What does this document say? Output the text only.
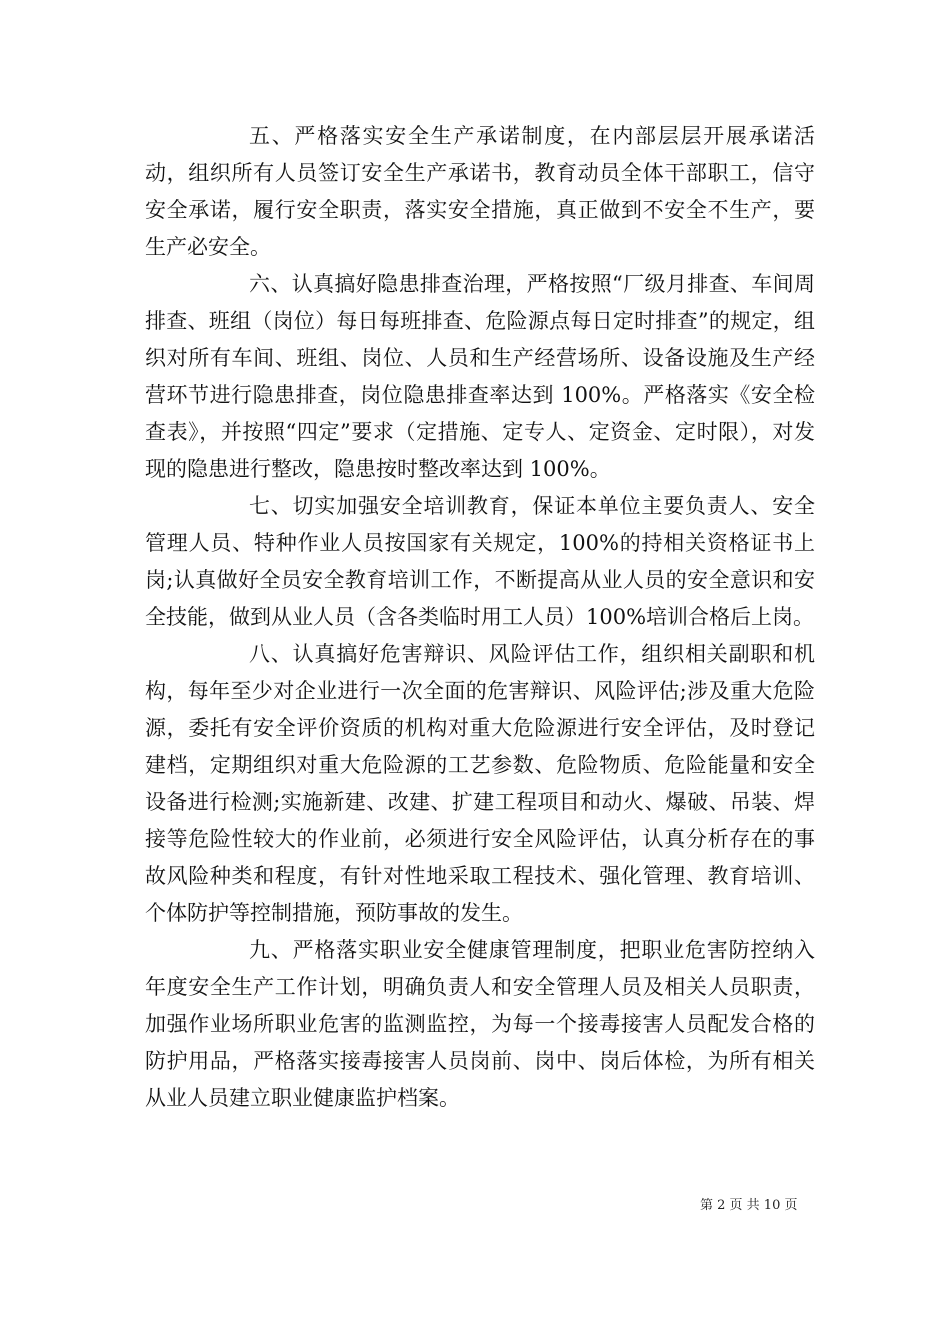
五、严格落实安全生产承诺制度，在内部层层开展承诺活动，组织所有人员签订安全生产承诺书，教育动员全体干部职工，信守安全承诺，履行安全职责，落实安全措施，真正做到不安全不生产，要生产必安全。

六、认真搞好隐患排查治理，严格按照“厂级月排查、车间周排查、班组（岗位）每日每班排查、危险源点每日定时排查”的规定，组织对所有车间、班组、岗位、人员和生产经营场所、设备设施及生产经营环节进行隐患排查，岗位隐患排查率达到 100%。严格落实《安全检查表》，并按照“四定”要求（定措施、定专人、定资金、定时限），对发现的隐患进行整改，隐患按时整改率达到 100%。

七、切实加强安全培训教育，保证本单位主要负责人、安全管理人员、特种作业人员按国家有关规定，100%的持相关资格证书上岗;认真做好全员安全教育培训工作，不断提高从业人员的安全意识和安全技能，做到从业人员（含各类临时用工人员）100%培训合格后上岗。

八、认真搞好危害辩识、风险评估工作，组织相关副职和机构，每年至少对企业进行一次全面的危害辩识、风险评估;涉及重大危险源，委托有安全评价资质的机构对重大危险源进行安全评估，及时登记建档，定期组织对重大危险源的工艺参数、危险物质、危险能量和安全设备进行检测;实施新建、改建、扩建工程项目和动火、爆破、吊装、焊接等危险性较大的作业前，必须进行安全风险评估，认真分析存在的事故风险种类和程度，有针对性地采取工程技术、强化管理、教育培训、个体防护等控制措施，预防事故的发生。

九、严格落实职业安全健康管理制度，把职业危害防控纳入年度安全生产工作计划，明确负责人和安全管理人员及相关人员职责，加强作业场所职业危害的监测监控，为每一个接毒接害人员配发合格的防护用品，严格落实接毒接害人员岗前、岗中、岗后体检，为所有相关从业人员建立职业健康监护档案。

第 2 页 共 10 页
